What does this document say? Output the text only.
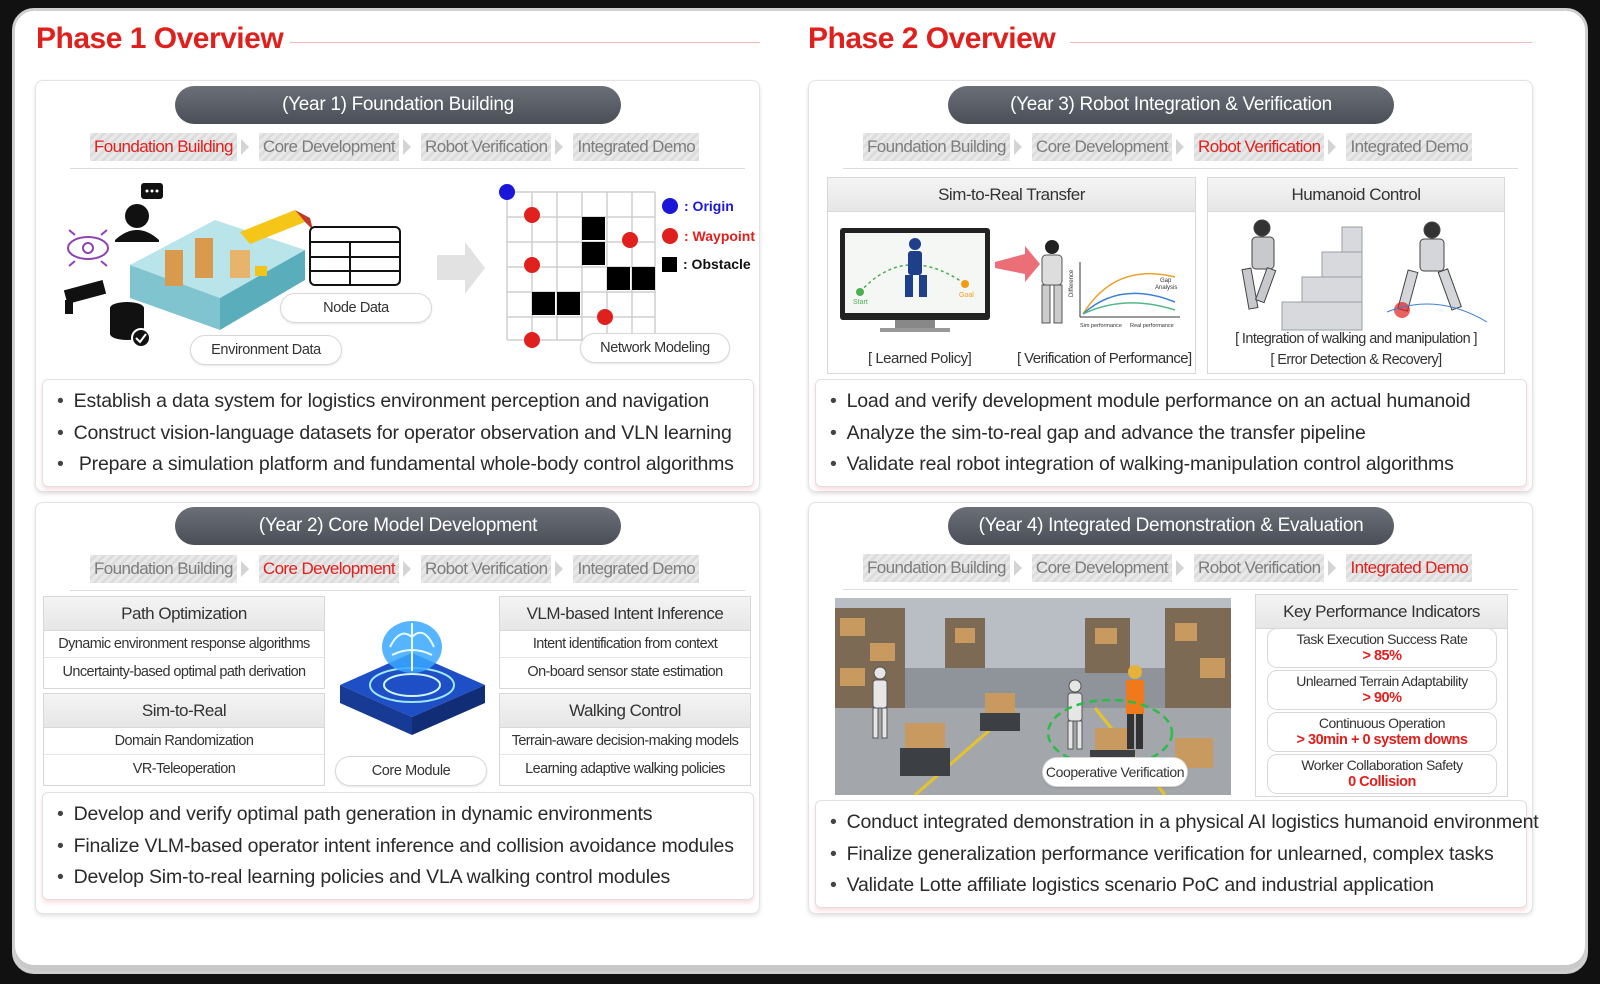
Phase 1 Overview
(Year 1) Foundation Building
Foundation Building Core Development Robot Verification Integrated Demo
Node Data
Environment Data	Network Modeling
: Origin
: Waypoint
: Obstacle
• Establish a data system for logistics environment perception and navigation
• Construct vision-language datasets for operator observation and VLN learning
• Prepare a simulation platform and fundamental whole-body control algorithms
(Year 2) Core Model Development
Foundation Building Core Development Robot Verification Integrated Demo
Path Optimization
Dynamic environment response algorithms
Uncertainty-based optimal path derivation
Sim-to-Real
Domain Randomization
VR-Teleoperation
VLM-based Intent Inference
Intent identification from context
On-board sensor state estimation
Walking Control
Terrain-aware decision-making models
Learning adaptive walking policies
Core Module
• Develop and verify optimal path generation in dynamic environments
• Finalize VLM-based operator intent inference and collision avoidance modules
• Develop Sim-to-real learning policies and VLA walking control modules
Phase 2 Overview
(Year 3) Robot Integration & Verification
Foundation Building Core Development Robot Verification Integrated Demo
Sim-to-Real Transfer
Start
Goal	Difference	Gap
Analysis
Sim performance Real performance
[ Learned Policy]	[ Verification of Performance]
Humanoid Control
[ Integration of walking and manipulation ]
[ Error Detection & Recovery]
• Load and verify development module performance on an actual humanoid
• Analyze the sim-to-real gap and advance the transfer pipeline
• Validate real robot integration of walking-manipulation control algorithms
(Year 4) Integrated Demonstration & Evaluation
Foundation Building Core Development Robot Verification Integrated Demo
Cooperative Verification
Key Performance Indicators
Task Execution Success Rate
> 85%
Unlearned Terrain Adaptability
> 90%
Continuous Operation
> 30min + 0 system downs
Worker Collaboration Safety
0 Collision
• Conduct integrated demonstration in a physical AI logistics humanoid environment
• Finalize generalization performance verification for unlearned, complex tasks
• Validate Lotte affiliate logistics scenario PoC and industrial application
